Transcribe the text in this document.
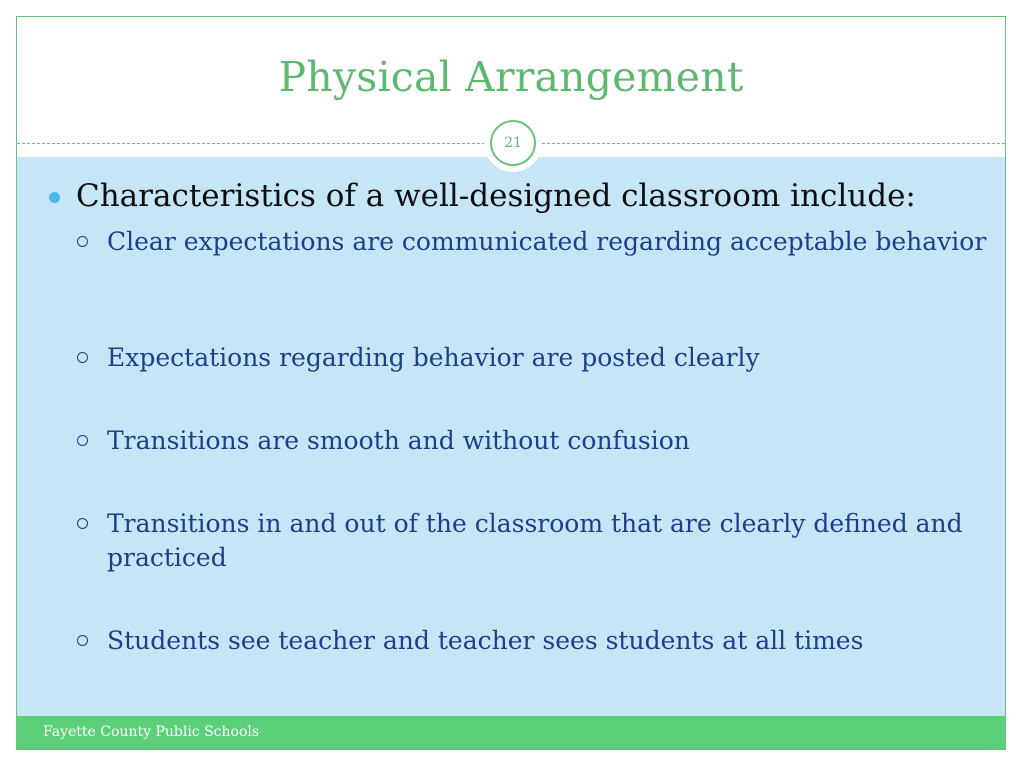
Physical Arrangement
21
Characteristics of a well-designed classroom include:
Clear expectations are communicated regarding acceptable behavior
Expectations regarding behavior are posted clearly
Transitions are smooth and without confusion
Transitions in and out of the classroom that are clearly defined and practiced
Students see teacher and teacher sees students at all times
Fayette County Public Schools
